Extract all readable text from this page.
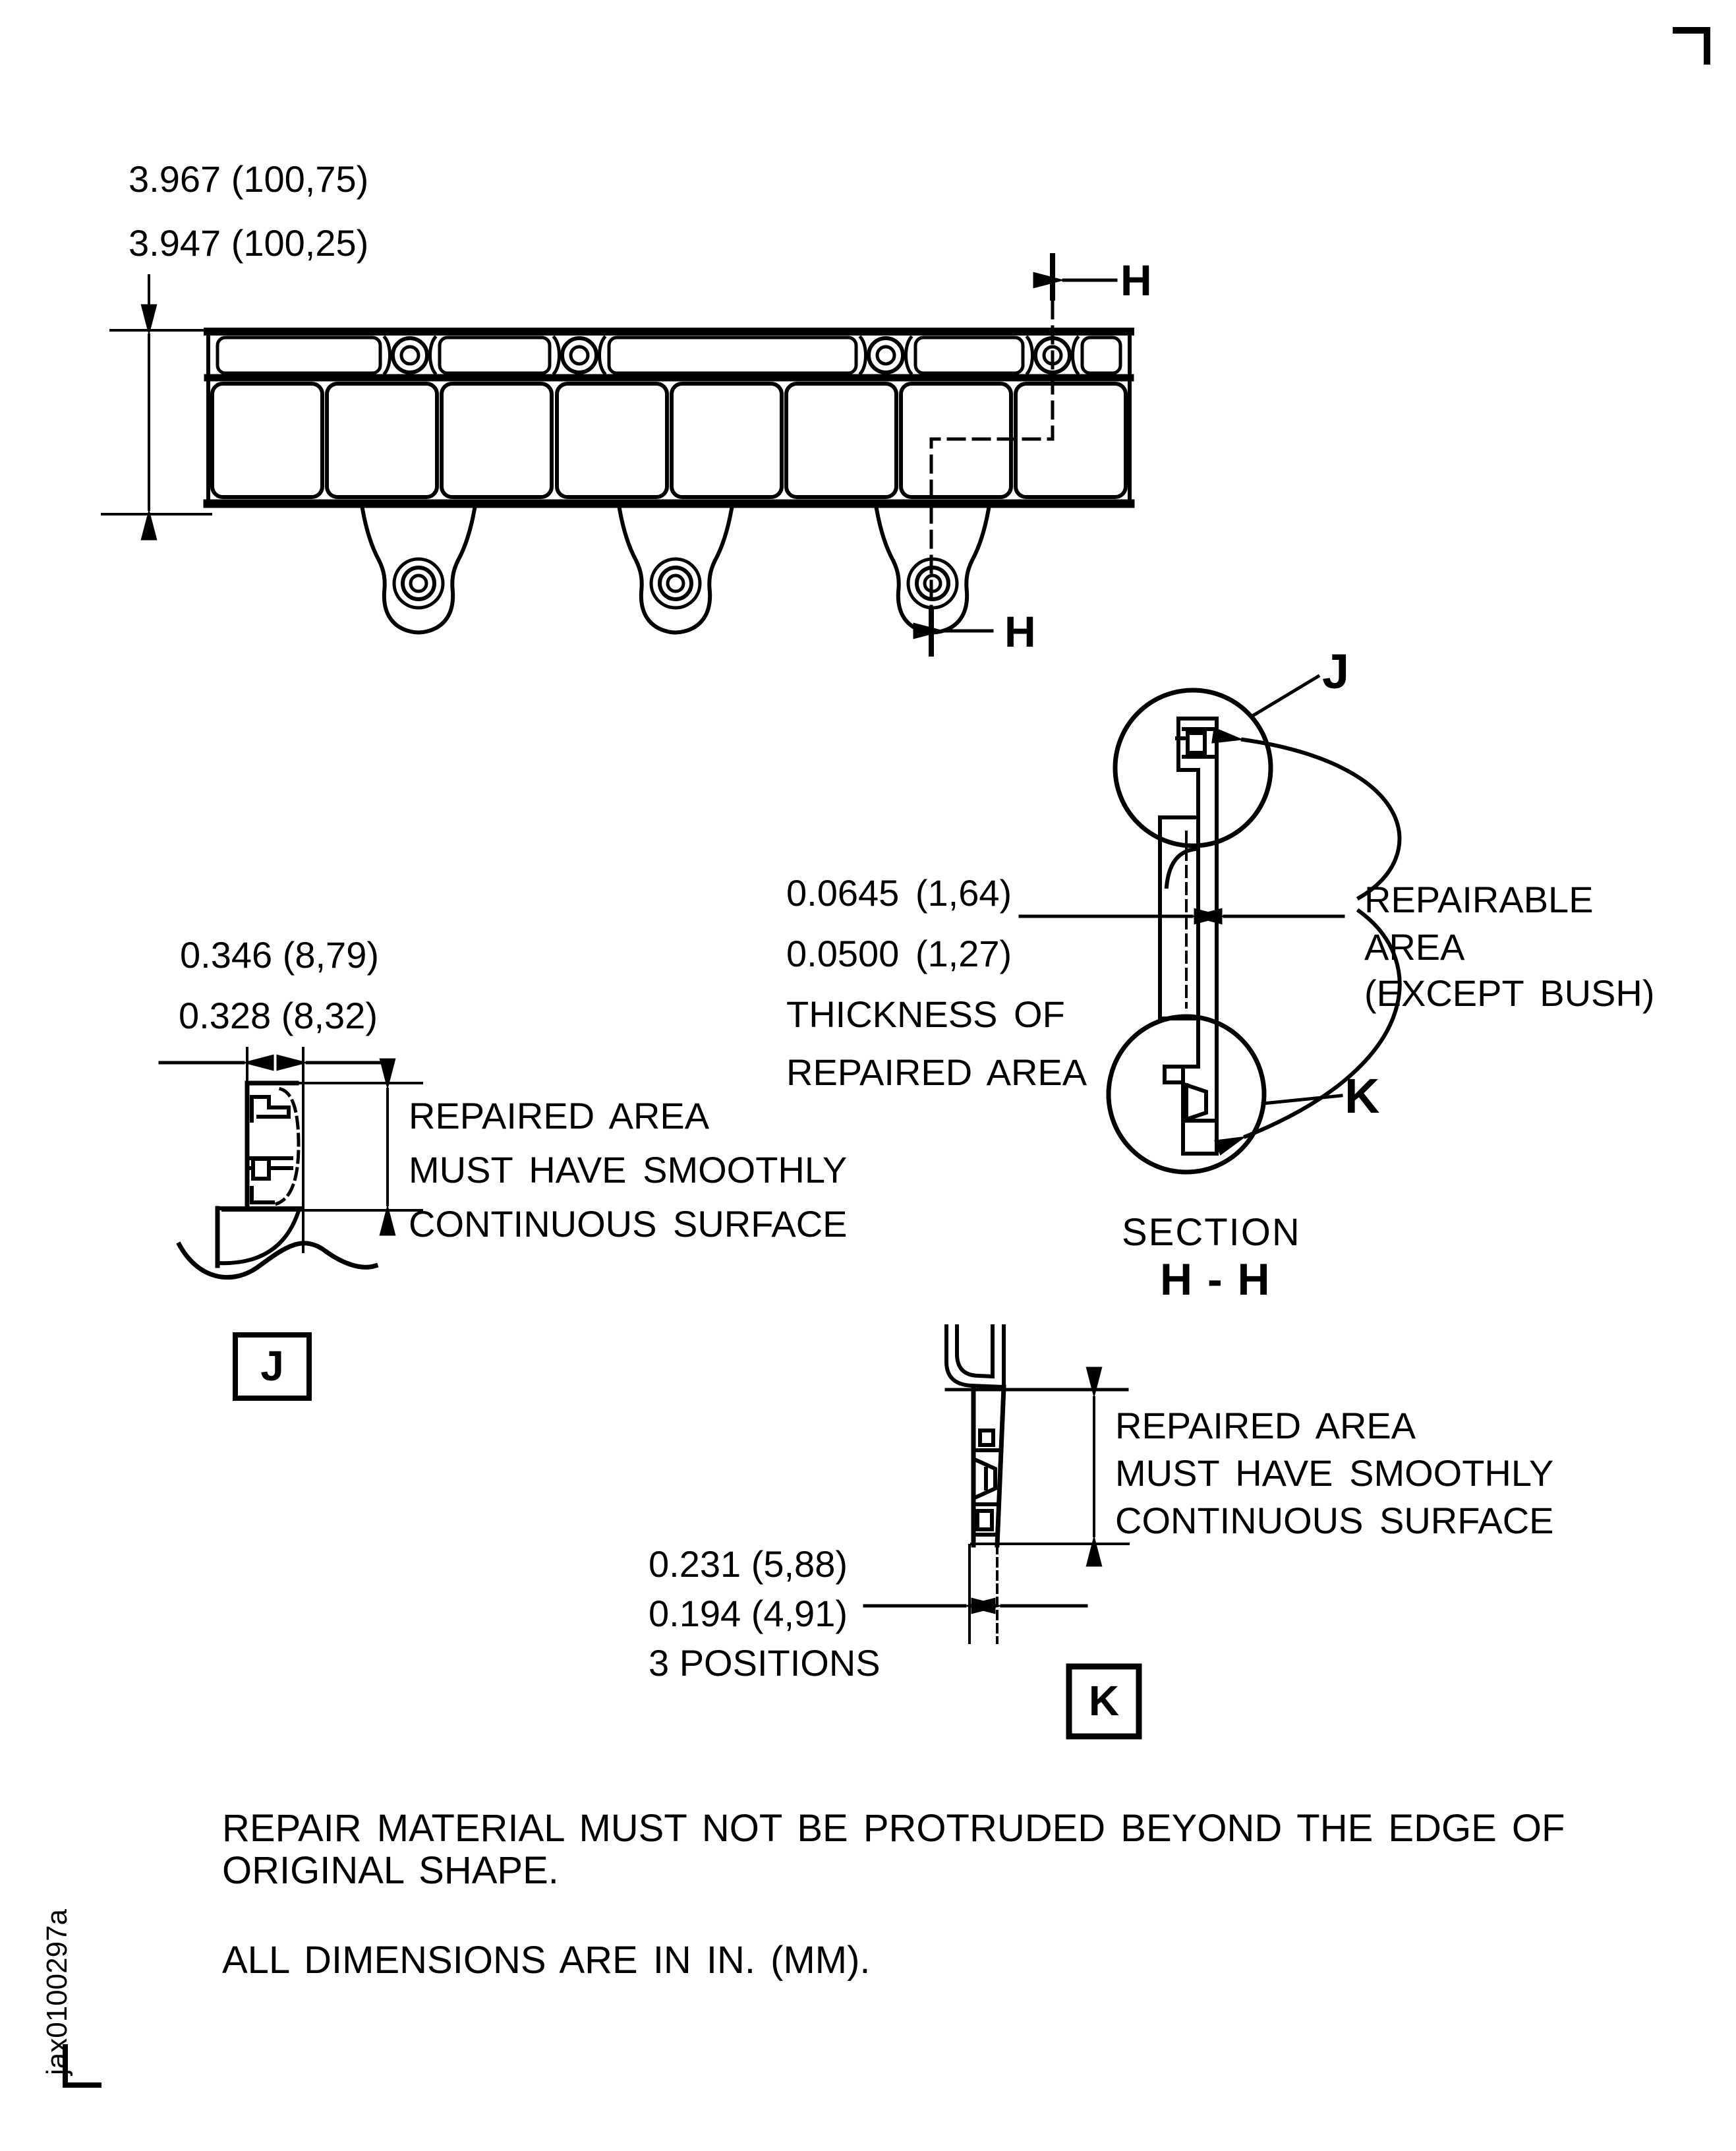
3.967 (100,75)
3.947 (100,25)
H
H
J
K
0.0645 (1,64)
0.0500 (1,27)
THICKNESS OF
REPAIRED AREA
REPAIRABLE
AREA
(EXCEPT BUSH)
SECTION
H - H
0.346 (8,79)
0.328 (8,32)
REPAIRED AREA
MUST HAVE SMOOTHLY
CONTINUOUS SURFACE
J
REPAIRED AREA
MUST HAVE SMOOTHLY
CONTINUOUS SURFACE
0.231 (5,88)
0.194 (4,91)
3 POSITIONS
K
REPAIR MATERIAL MUST NOT BE PROTRUDED BEYOND THE EDGE OF
ORIGINAL SHAPE.
ALL DIMENSIONS ARE IN IN. (MM).
jax0100297a
